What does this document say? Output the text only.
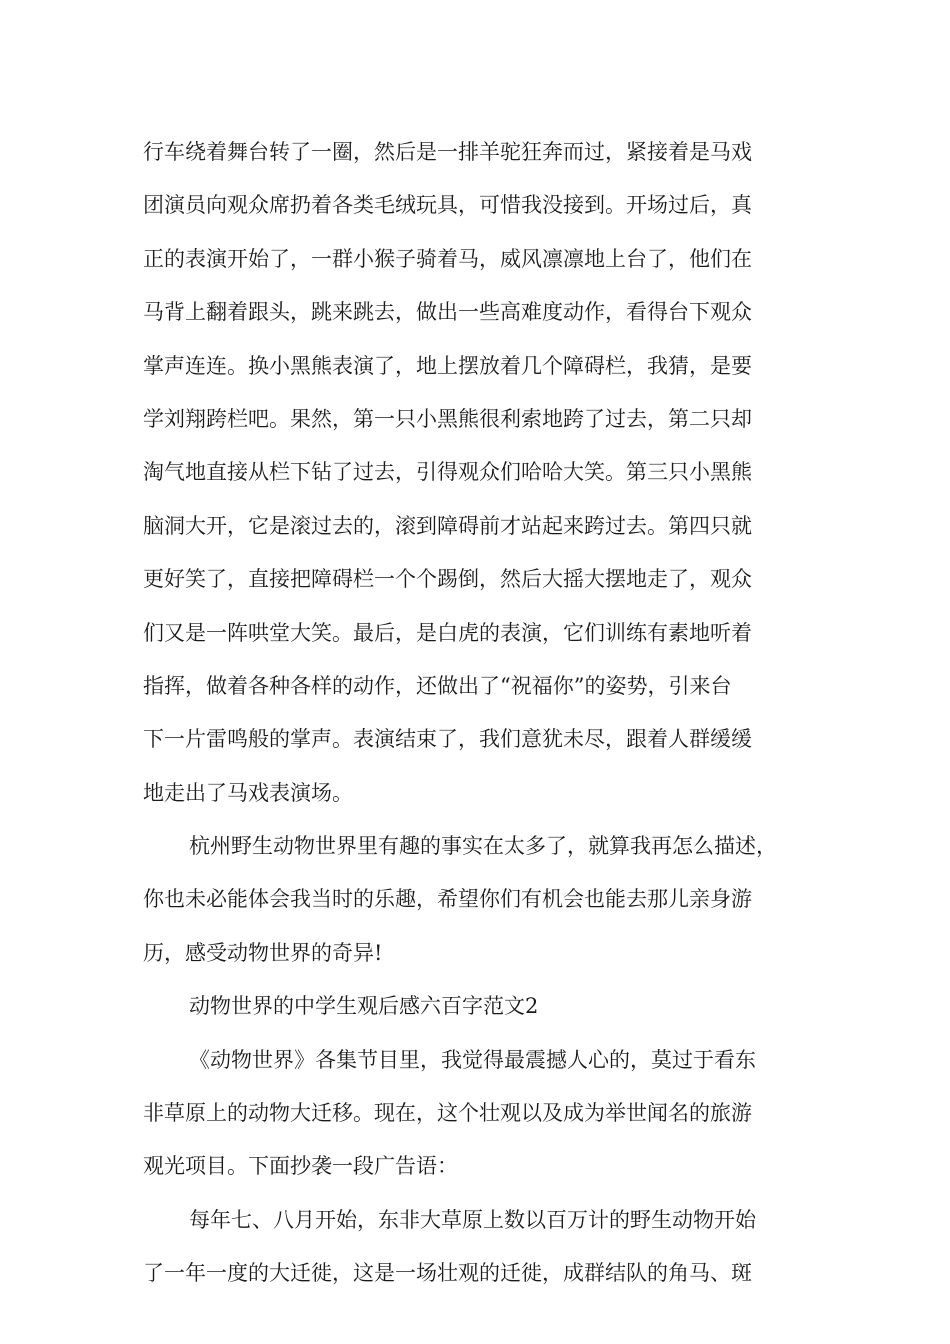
行车绕着舞台转了一圈，然后是一排羊驼狂奔而过，紧接着是马戏
团演员向观众席扔着各类毛绒玩具，可惜我没接到。开场过后，真
正的表演开始了，一群小猴子骑着马，威风凛凛地上台了，他们在
马背上翻着跟头，跳来跳去，做出一些高难度动作，看得台下观众
掌声连连。换小黑熊表演了，地上摆放着几个障碍栏，我猜，是要
学刘翔跨栏吧。果然，第一只小黑熊很利索地跨了过去，第二只却
淘气地直接从栏下钻了过去，引得观众们哈哈大笑。第三只小黑熊
脑洞大开，它是滚过去的，滚到障碍前才站起来跨过去。第四只就
更好笑了，直接把障碍栏一个个踢倒，然后大摇大摆地走了，观众
们又是一阵哄堂大笑。最后，是白虎的表演，它们训练有素地听着
指挥，做着各种各样的动作，还做出了“祝福你”的姿势，引来台
下一片雷鸣般的掌声。表演结束了，我们意犹未尽，跟着人群缓缓
地走出了马戏表演场。

杭州野生动物世界里有趣的事实在太多了，就算我再怎么描述，
你也未必能体会我当时的乐趣，希望你们有机会也能去那儿亲身游
历，感受动物世界的奇异!

动物世界的中学生观后感六百字范文2

《动物世界》各集节目里，我觉得最震撼人心的，莫过于看东
非草原上的动物大迁移。现在，这个壮观以及成为举世闻名的旅游
观光项目。下面抄袭一段广告语：

每年七、八月开始，东非大草原上数以百万计的野生动物开始
了一年一度的大迁徙，这是一场壮观的迁徙，成群结队的角马、斑
